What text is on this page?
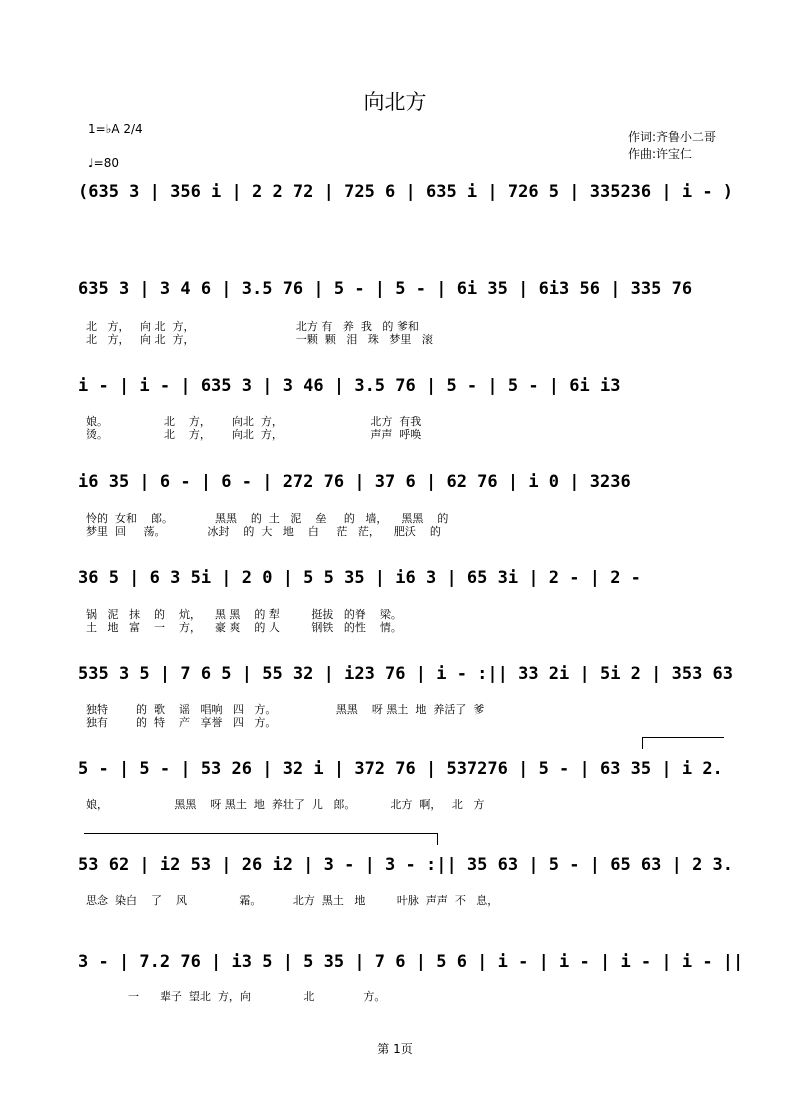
向北方
1=♭A 2/4
♩=80
作词:齐鲁小二哥
作曲:许宝仁
(635 3 | 356 i | 2 2 72 | 725 6 | 635 i | 726 5 | 335236 | i - )
635 3 | 3 4 6 | 3.5 76 | 5 - | 5 - | 6i 35 | 6i3 56 | 335 76
北   方，   向 北  方，                             北方 有   养  我   的 爹和
北   方，   向 北  方，                             一颗  颗   泪   珠   梦里   滚
i - | i - | 635 3 | 3 46 | 3.5 76 | 5 - | 5 - | 6i i3
娘。                北    方，      向北  方，                         北方  有我
烫。                北    方，      向北  方，                         声声  呼唤
i6 35 | 6 - | 6 - | 272 76 | 37 6 | 62 76 | i 0 | 3236
怜的  女和    郎。            黑黑    的  土   泥    垒     的   墙，    黑黑    的
梦里  回     荡。            冰封    的  大   地    白     茫   茫，    肥沃    的
36 5 | 6 3 5i | 2 0 | 5 5 35 | i6 3 | 65 3i | 2 - | 2 -
锅   泥   抹    的    炕，    黑 黑    的 犁         挺拔   的脊    梁。
土   地   富    一    方，    豪 爽    的 人         钢铁   的性    情。
535 3 5 | 7 6 5 | 55 32 | i23 76 | i - :|| 33 2i | 5i 2 | 353 63
独特        的  歌    谣   唱响   四   方。                 黑黑    呀 黑土  地  养活了  爹
独有        的  特    产   享誉   四   方。
5 - | 5 - | 53 26 | 32 i | 372 76 | 537276 | 5 - | 63 35 | i 2.
娘，                   黑黑    呀 黑土  地  养壮了  儿   郎。          北方  啊，   北   方
53 62 | i2 53 | 26 i2 | 3 - | 3 - :|| 35 63 | 5 - | 65 63 | 2 3.
思念  染白    了    风               霜。         北方  黑土   地         叶脉  声声  不   息，
3 - | 7.2 76 | i3 5 | 5 35 | 7 6 | 5 6 | i - | i - | i - | i - ||
一      辈子  望北  方，向               北              方。
第 1页
